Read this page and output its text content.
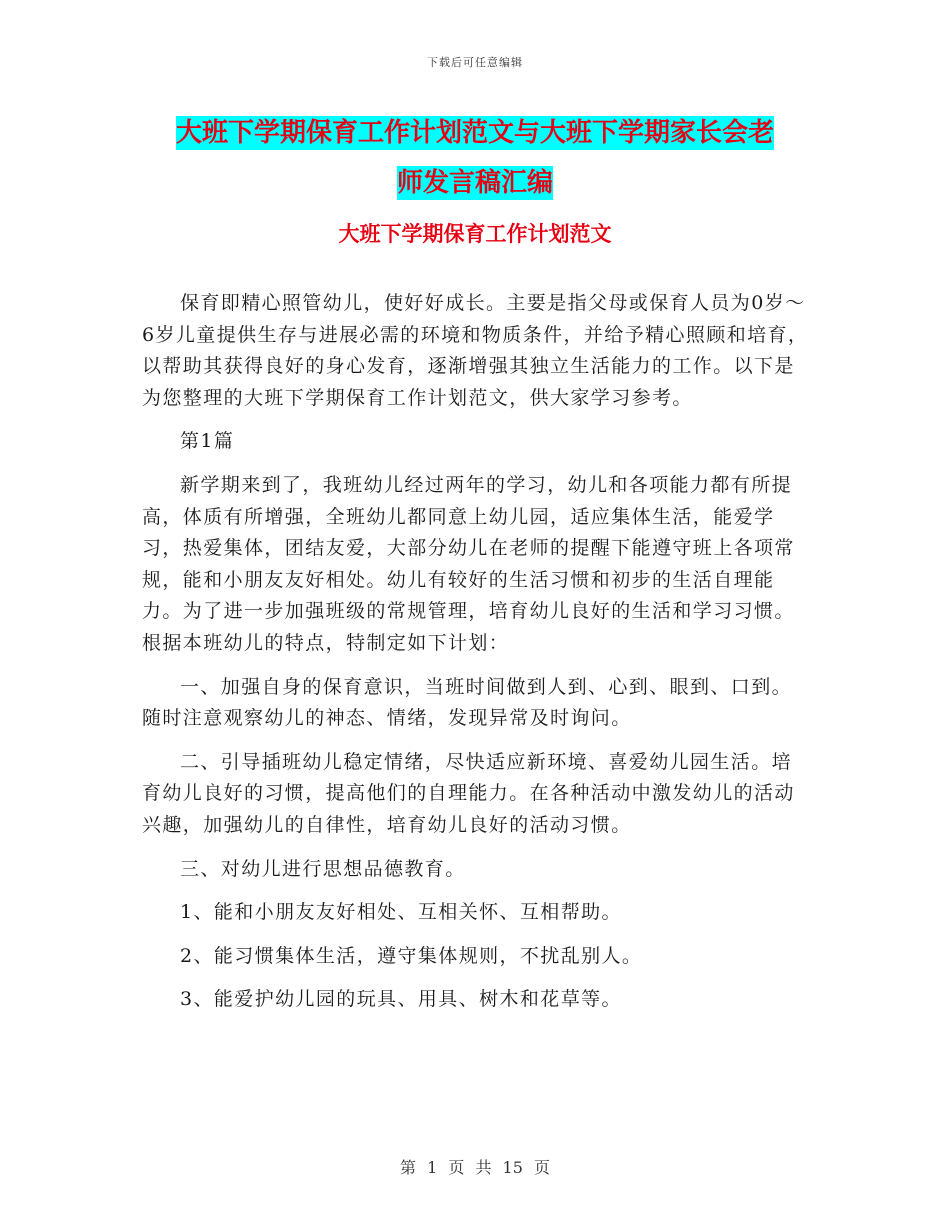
下载后可任意编辑
大班下学期保育工作计划范文与大班下学期家长会老
师发言稿汇编
大班下学期保育工作计划范文

保育即精心照管幼儿，使好好成长。主要是指父母或保育人员为0岁～6岁儿童提供生存与进展必需的环境和物质条件，并给予精心照顾和培育，以帮助其获得良好的身心发育，逐渐增强其独立生活能力的工作。以下是为您整理的大班下学期保育工作计划范文，供大家学习参考。

第1篇

新学期来到了，我班幼儿经过两年的学习，幼儿和各项能力都有所提高，体质有所增强，全班幼儿都同意上幼儿园，适应集体生活，能爱学习，热爱集体，团结友爱，大部分幼儿在老师的提醒下能遵守班上各项常规，能和小朋友友好相处。幼儿有较好的生活习惯和初步的生活自理能力。为了进一步加强班级的常规管理，培育幼儿良好的生活和学习习惯。根据本班幼儿的特点，特制定如下计划：

一、加强自身的保育意识，当班时间做到人到、心到、眼到、口到。随时注意观察幼儿的神态、情绪，发现异常及时询问。

二、引导插班幼儿稳定情绪，尽快适应新环境、喜爱幼儿园生活。培育幼儿良好的习惯，提高他们的自理能力。在各种活动中激发幼儿的活动兴趣，加强幼儿的自律性，培育幼儿良好的活动习惯。

三、对幼儿进行思想品德教育。

1、能和小朋友友好相处、互相关怀、互相帮助。

2、能习惯集体生活，遵守集体规则，不扰乱别人。

3、能爱护幼儿园的玩具、用具、树木和花草等。

第 1 页 共 15 页
